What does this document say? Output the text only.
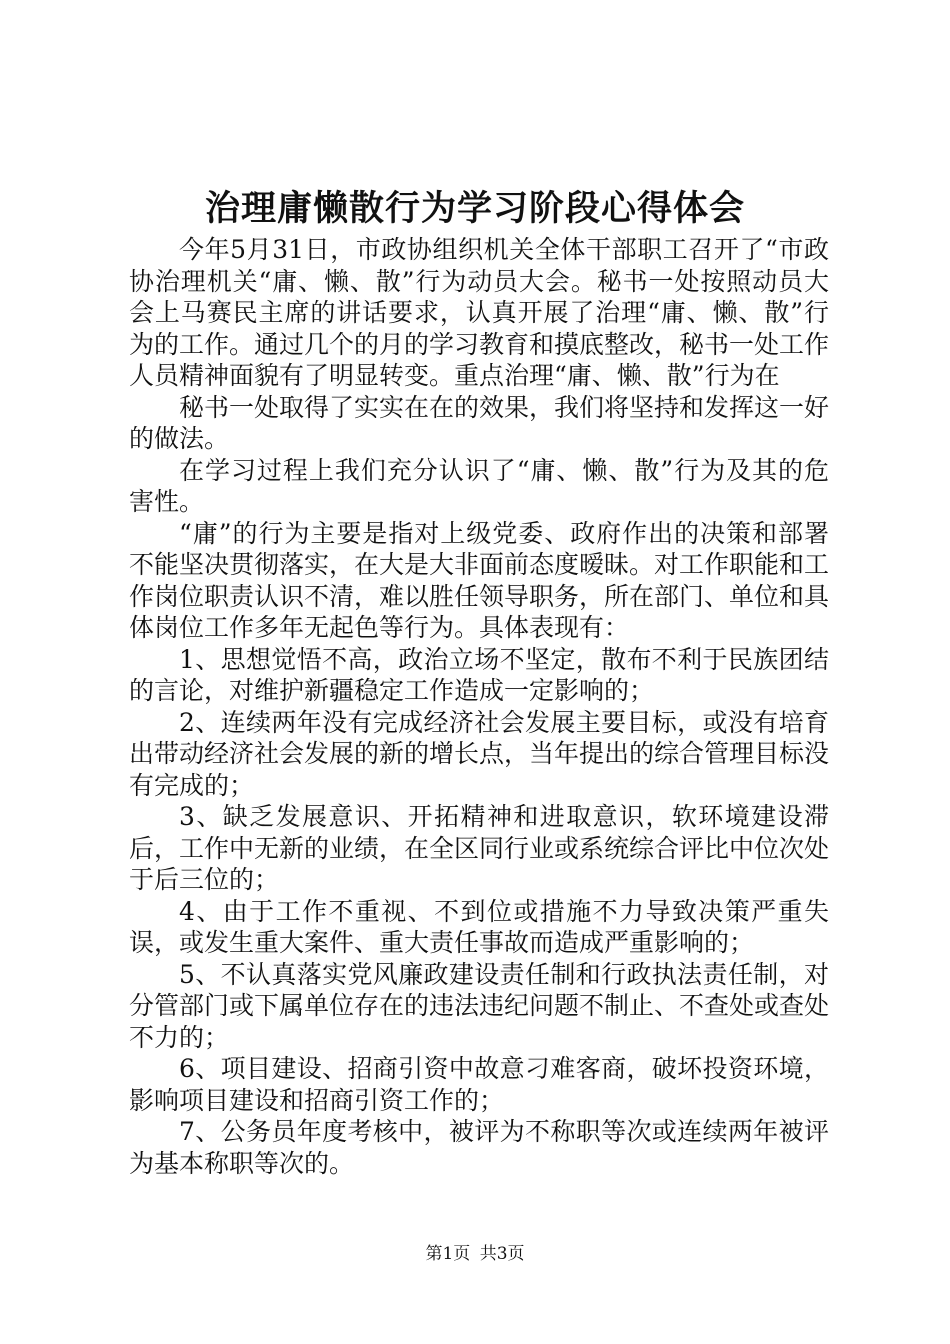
治理庸懒散行为学习阶段心得体会

今年5月31日，市政协组织机关全体干部职工召开了“市政协治理机关“庸、懒、散”行为动员大会。秘书一处按照动员大会上马赛民主席的讲话要求，认真开展了治理“庸、懒、散”行为的工作。通过几个的月的学习教育和摸底整改，秘书一处工作人员精神面貌有了明显转变。重点治理“庸、懒、散”行为在

秘书一处取得了实实在在的效果，我们将坚持和发挥这一好的做法。

在学习过程上我们充分认识了“庸、懒、散”行为及其的危害性。

“庸”的行为主要是指对上级党委、政府作出的决策和部署不能坚决贯彻落实，在大是大非面前态度暧昧。对工作职能和工作岗位职责认识不清，难以胜任领导职务，所在部门、单位和具体岗位工作多年无起色等行为。具体表现有：

1、思想觉悟不高，政治立场不坚定，散布不利于民族团结的言论，对维护新疆稳定工作造成一定影响的；

2、连续两年没有完成经济社会发展主要目标，或没有培育出带动经济社会发展的新的增长点，当年提出的综合管理目标没有完成的；

3、缺乏发展意识、开拓精神和进取意识，软环境建设滞后，工作中无新的业绩，在全区同行业或系统综合评比中位次处于后三位的；

4、由于工作不重视、不到位或措施不力导致决策严重失误，或发生重大案件、重大责任事故而造成严重影响的；

5、不认真落实党风廉政建设责任制和行政执法责任制，对分管部门或下属单位存在的违法违纪问题不制止、不查处或查处不力的；

6、项目建设、招商引资中故意刁难客商，破坏投资环境，影响项目建设和招商引资工作的；

7、公务员年度考核中，被评为不称职等次或连续两年被评为基本称职等次的。

第1页 共3页
